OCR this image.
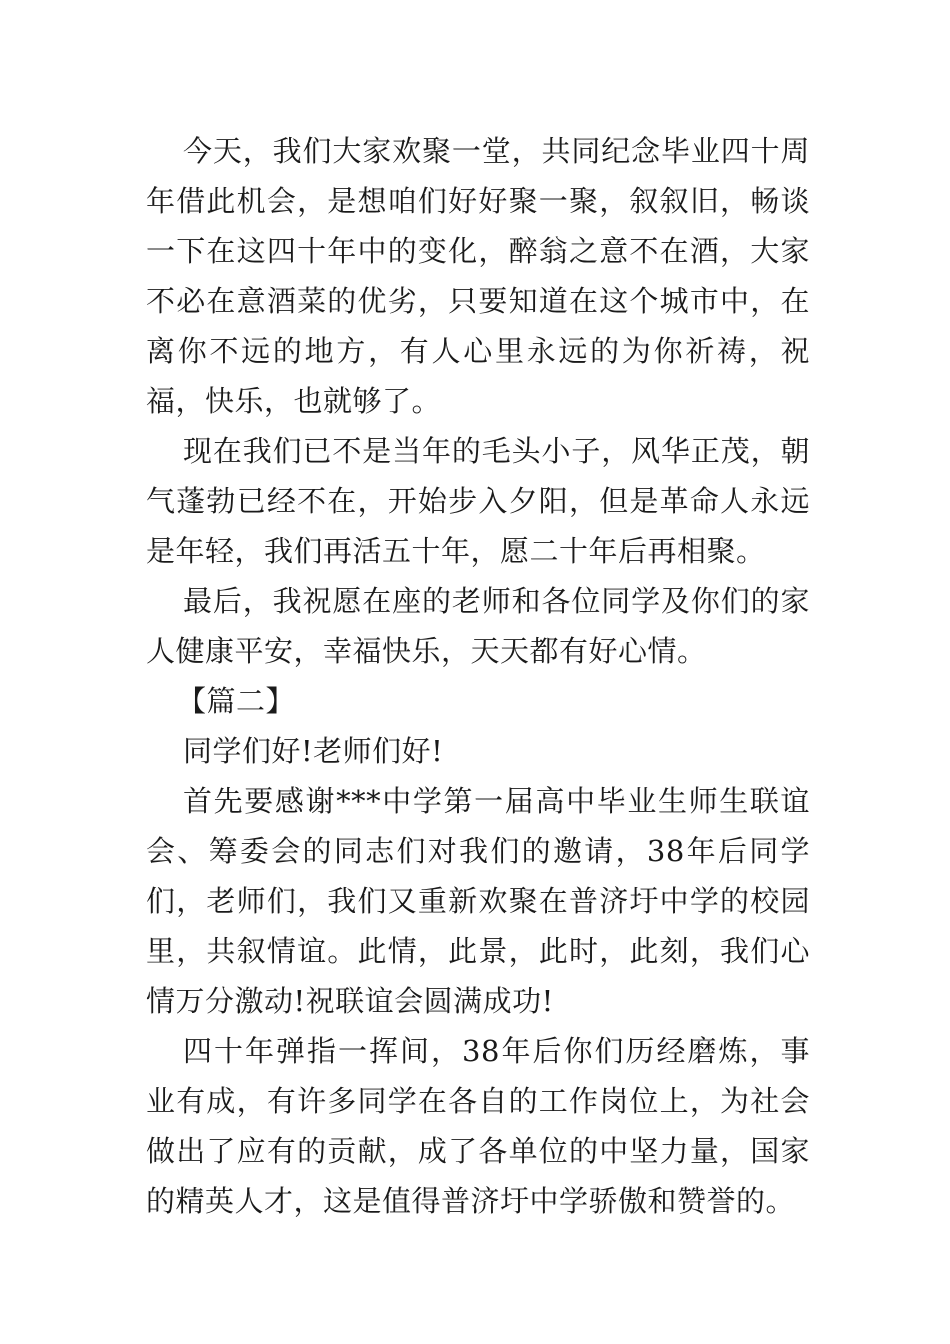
今天，我们大家欢聚一堂，共同纪念毕业四十周年借此机会，是想咱们好好聚一聚，叙叙旧，畅谈一下在这四十年中的变化，醉翁之意不在酒，大家不必在意酒菜的优劣，只要知道在这个城市中，在离你不远的地方，有人心里永远的为你祈祷，祝福，快乐，也就够了。

现在我们已不是当年的毛头小子，风华正茂，朝气蓬勃已经不在，开始步入夕阳，但是革命人永远是年轻，我们再活五十年，愿二十年后再相聚。

最后，我祝愿在座的老师和各位同学及你们的家人健康平安，幸福快乐，天天都有好心情。

【篇二】

同学们好!老师们好!

首先要感谢***中学第一届高中毕业生师生联谊会、筹委会的同志们对我们的邀请，38年后同学们，老师们，我们又重新欢聚在普济圩中学的校园里，共叙情谊。此情，此景，此时，此刻，我们心情万分激动!祝联谊会圆满成功!

四十年弹指一挥间，38年后你们历经磨炼，事业有成，有许多同学在各自的工作岗位上，为社会做出了应有的贡献，成了各单位的中坚力量，国家的精英人才，这是值得普济圩中学骄傲和赞誉的。
